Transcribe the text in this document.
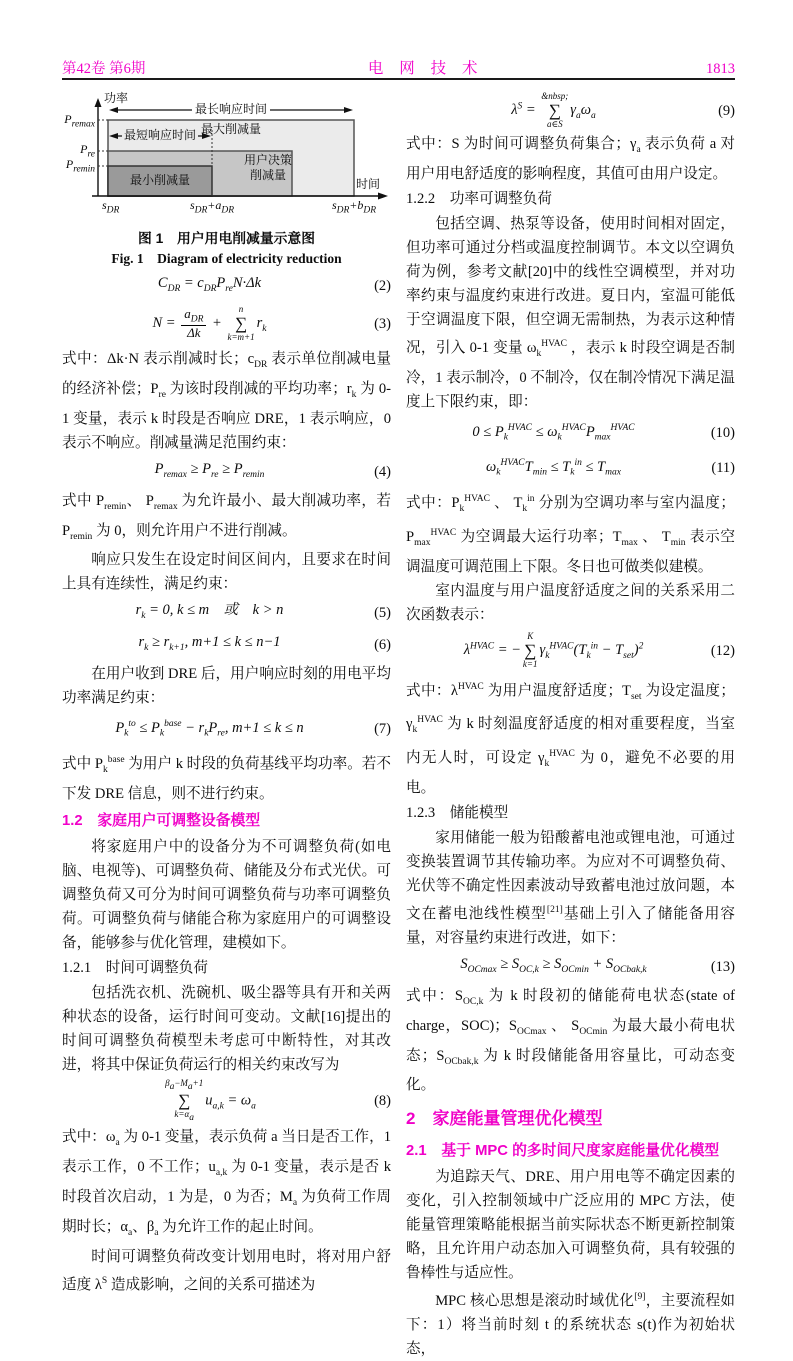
第42卷 第6期	电 网 技 术	1813
功率
时间
$P_{remax}$
$P_{re}$
$P_{remin}$
$s_{DR}$	$s_{DR}+a_{DR}$	$s_{DR}+b_{DR}$
最长响应时间
最大削减量
最短响应时间
用户决策
削减量
最小削减量
图 1　用户用电削减量示意图
Fig. 1　Diagram of electricity reduction
$C_{DR} = c_{DR}P_{re}N\cdot\Delta k$	(2)
N =
$a_{DR}$
Δk
+
n
∑
k=m+1
$r_k$	(3)
式中：Δk·N 表示削减时长；$c_{DR}$ 表示单位削减电量的经济补偿；$P_{re}$ 为该时段削减的平均功率；$r_k$ 为 0-1 变量，表示 k 时段是否响应 DRE，1 表示响应，0 表示不响应。削减量满足范围约束：
$P_{remax} \ge P_{re} \ge P_{remin}$	(4)
式中 $P_{remin}$、 $P_{remax}$ 为允许最小、最大削减功率，若 $P_{remin}$ 为 0，则允许用户不进行削减。
响应只发生在设定时间区间内，且要求在时间上具有连续性，满足约束：
$r_k = 0$, k ≤ m　或　k > n	(5)
$r_k \ge r_{k+1}$, m+1 ≤ k ≤ n−1	(6)
在用户收到 DRE 后，用户响应时刻的用电平均功率满足约束：
$P_k^{to} \le P_k^{base} - r_kP_{re}$, m+1 ≤ k ≤ n	(7)
式中 $P_k^{base}$ 为用户 k 时段的负荷基线平均功率。若不下发 DRE 信息，则不进行约束。
1.2　家庭用户可调整设备模型
将家庭用户中的设备分为不可调整负荷(如电脑、电视等)、可调整负荷、储能及分布式光伏。可调整负荷又可分为时间可调整负荷与功率可调整负荷。可调整负荷与储能合称为家庭用户的可调整设备，能够参与优化管理，建模如下。
1.2.1　时间可调整负荷
包括洗衣机、洗碗机、吸尘器等具有开和关两种状态的设备，运行时间可变动。文献[16]提出的时间可调整负荷模型未考虑可中断特性，对其改进，将其中保证负荷运行的相关约束改写为
$\beta_a-M_a+1$
∑
$k=\alpha_a$
$u_{a,k} = \omega_a$	(8)
式中：$\omega_a$ 为 0-1 变量，表示负荷 a 当日是否工作，1 表示工作，0 不工作；$u_{a,k}$ 为 0-1 变量，表示是否 k 时段首次启动，1 为是，0 为否；$M_a$ 为负荷工作周期时长；$\alpha_a$、$\beta_a$ 为允许工作的起止时间。
时间可调整负荷改变计划用电时，将对用户舒适度 $\lambda^S$ 造成影响，之间的关系可描述为
$\lambda^S$ =
&nbsp;
∑
a∈S
$\gamma_a\omega_a$	(9)
式中：S 为时间可调整负荷集合；$\gamma_a$ 表示负荷 a 对用户用电舒适度的影响程度，其值可由用户设定。
1.2.2　功率可调整负荷
包括空调、热泵等设备，使用时间相对固定，但功率可通过分档或温度控制调节。本文以空调负荷为例，参考文献[20]中的线性空调模型，并对功率约束与温度约束进行改进。夏日内，室温可能低于空调温度下限，但空调无需制热，为表示这种情况，引入 0-1 变量 $\omega_k^{HVAC}$ ，表示 k 时段空调是否制冷，1 表示制冷，0 不制冷，仅在制冷情况下满足温度上下限约束，即：
$0 \le P_k^{HVAC} \le \omega_k^{HVAC}P_{max}^{HVAC}$	(10)
$\omega_k^{HVAC}T_{min} \le T_k^{in} \le T_{max}$	(11)
式中：$P_k^{HVAC}$ 、 $T_k^{in}$ 分别为空调功率与室内温度；$P_{max}^{HVAC}$ 为空调最大运行功率；$T_{max}$ 、 $T_{min}$ 表示空调温度可调范围上下限。冬日也可做类似建模。
室内温度与用户温度舒适度之间的关系采用二次函数表示：
$\lambda^{HVAC}$ = −
K
∑
k=1
$\gamma_k^{HVAC}(T_k^{in} - T_{set})^2$	(12)
式中：$\lambda^{HVAC}$ 为用户温度舒适度；$T_{set}$ 为设定温度；$\gamma_k^{HVAC}$ 为 k 时刻温度舒适度的相对重要程度，当室内无人时，可设定 $\gamma_k^{HVAC}$ 为 0，避免不必要的用电。
1.2.3　储能模型
家用储能一般为铅酸蓄电池或锂电池，可通过变换装置调节其传输功率。为应对不可调整负荷、光伏等不确定性因素波动导致蓄电池过放问题，本文在蓄电池线性模型[21]基础上引入了储能备用容量，对容量约束进行改进，如下：
$S_{OCmax} \ge S_{OC,k} \ge S_{OCmin} + S_{OCbak,k}$	(13)
式中：$S_{OC,k}$ 为 k 时段初的储能荷电状态(state of charge，SOC)；$S_{OCmax}$ 、 $S_{OCmin}$ 为最大最小荷电状态；$S_{OCbak,k}$ 为 k 时段储能备用容量比，可动态变化。
2　家庭能量管理优化模型
2.1　基于 MPC 的多时间尺度家庭能量优化模型
为追踪天气、DRE、用户用电等不确定因素的变化，引入控制领域中广泛应用的 MPC 方法，使能量管理策略能根据当前实际状态不断更新控制策略，且允许用户动态加入可调整负荷，具有较强的鲁棒性与适应性。
MPC 核心思想是滚动时域优化[9]，主要流程如下：1）将当前时刻 t 的系统状态 s(t)作为初始状态，
